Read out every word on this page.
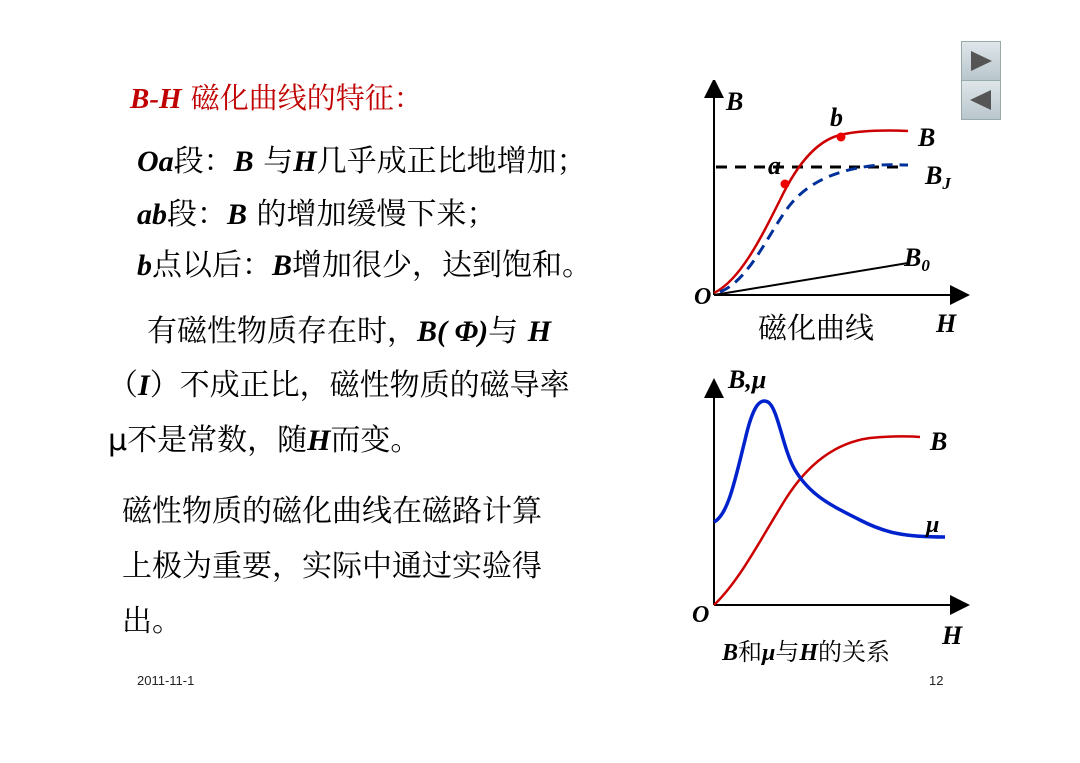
B-H 磁化曲线的特征：
Oa段：B 与H几乎成正比地增加；
ab段：B 的增加缓慢下来；
b点以后：B增加很少，达到饱和。
有磁性物质存在时，B( Φ)与 H
（I）不成正比，磁性物质的磁导率
μ不是常数，随H而变。
磁性物质的磁化曲线在磁路计算
上极为重要，实际中通过实验得
出。
B
b
a
B
BJ
B0
O
H
磁化曲线
B,μ
B
μ
O
H
B和μ与H的关系
2011-11-1	12
